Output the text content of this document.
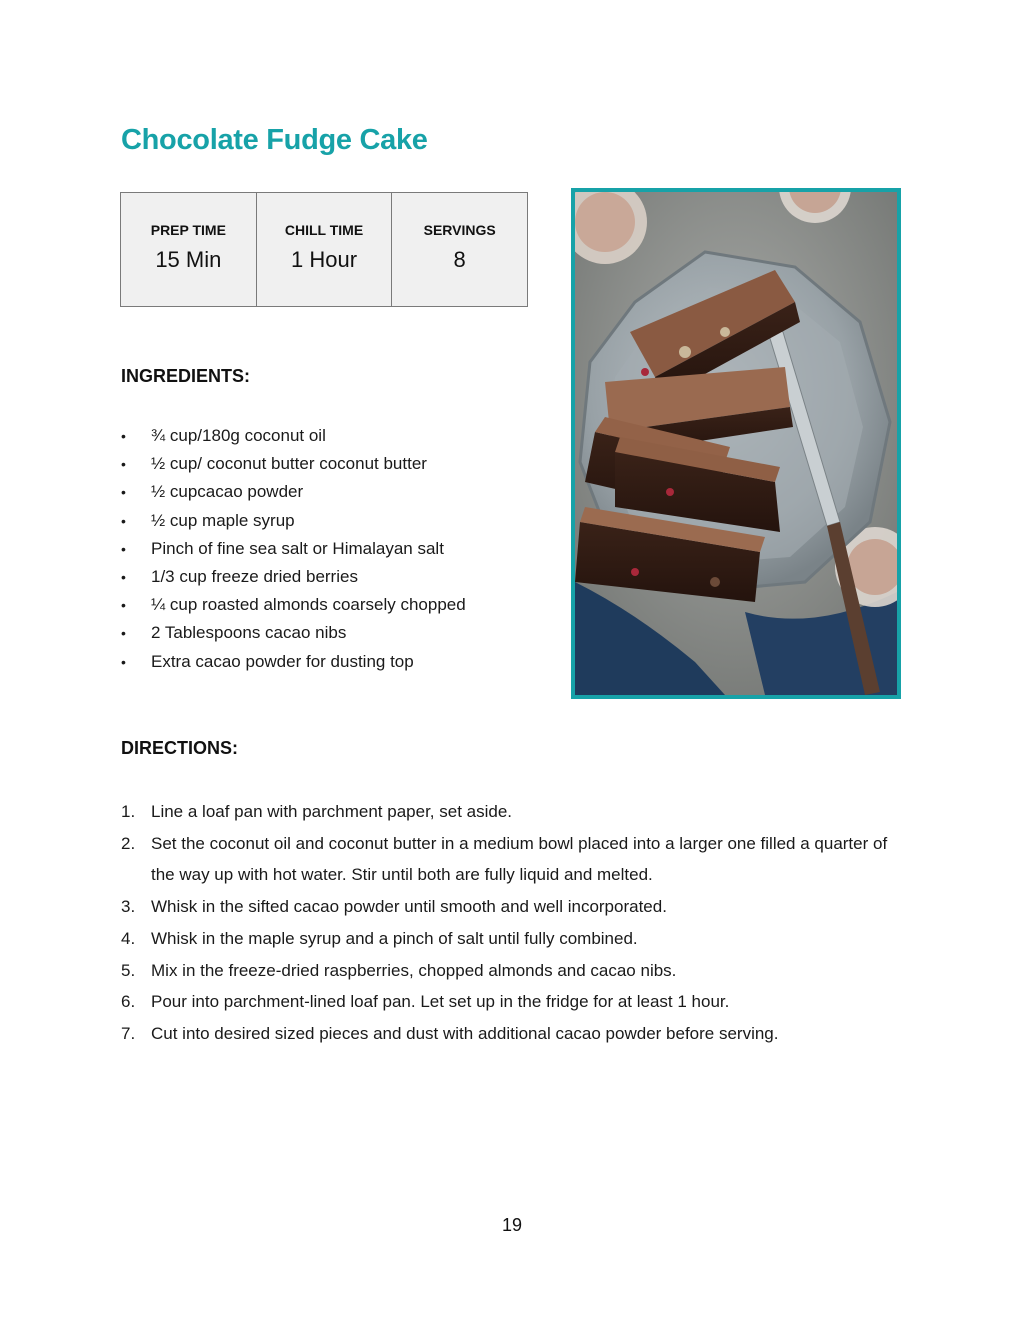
Chocolate Fudge Cake
PREP TIME
15 Min
CHILL TIME
1 Hour
SERVINGS
8
INGREDIENTS:
• ¾ cup/180g coconut oil
• ½ cup/ coconut butter coconut butter
• ½ cupcacao powder
• ½ cup maple syrup
• Pinch of fine sea salt or Himalayan salt
• 1/3 cup freeze dried berries
• ¼ cup roasted almonds coarsely chopped
• 2 Tablespoons cacao nibs
• Extra cacao powder for dusting top
DIRECTIONS:
1. Line a loaf pan with parchment paper, set aside.
2. Set the coconut oil and coconut butter in a medium bowl placed into a larger one filled a quarter of the way up with hot water. Stir until both are fully liquid and melted.
3. Whisk in the sifted cacao powder until smooth and well incorporated.
4. Whisk in the maple syrup and a pinch of salt until fully combined.
5. Mix in the freeze-dried raspberries, chopped almonds and cacao nibs.
6. Pour into parchment-lined loaf pan. Let set up in the fridge for at least 1 hour.
7. Cut into desired sized pieces and dust with additional cacao powder before serving.
19
